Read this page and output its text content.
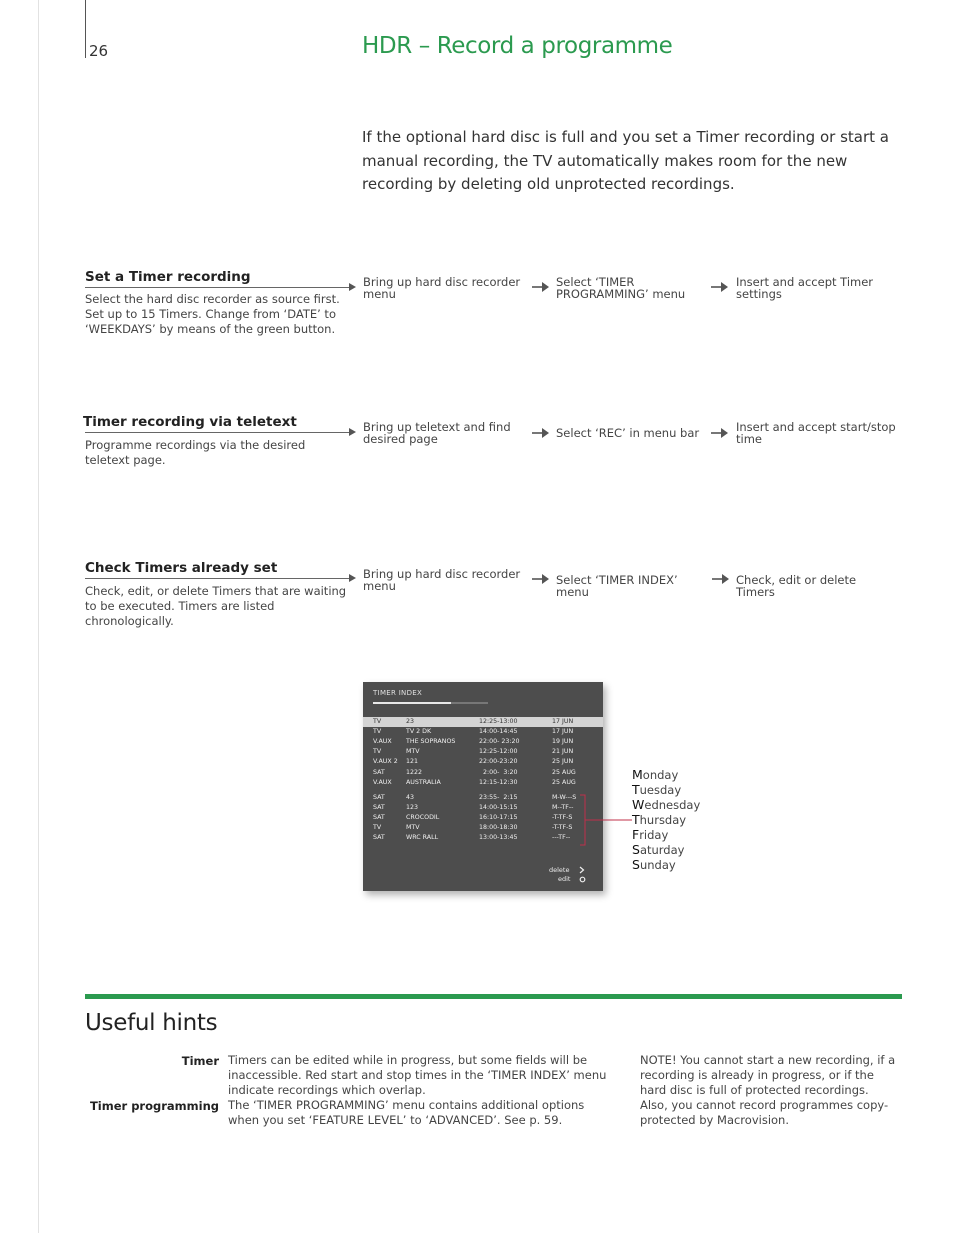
26	HDR – Record a programme
If the optional hard disc is full and you set a Timer recording or start a manual recording, the TV automatically makes room for the new recording by deleting old unprotected recordings.
Set a Timer recording
Select the hard disc recorder as source first. Set up to 15 Timers. Change from ‘DATE’ to ‘WEEKDAYS’ by means of the green button.
Bring up hard disc recorder menu
Select ‘TIMER PROGRAMMING’ menu
Insert and accept Timer settings
Timer recording via teletext
Programme recordings via the desired teletext page.
Bring up teletext and find desired page	Select ‘REC’ in menu bar	Insert and accept start/stop time
Check Timers already set
Check, edit, or delete Timers that are waiting to be executed. Timers are listed chronologically.
Bring up hard disc recorder menu	Select ‘TIMER INDEX’ menu
Check, edit or delete Timers
TIMER INDEX
TV	23	12:25-13:00	17 JUN
TV	TV 2 DK	14:00-14:45	17 JUN
V.AUX THE SOPRANOS	22:00- 23:20	19 JUN
TV	MTV	12:25-12:00	21 JUN
V.AUX 2 121	22:00-23:20	25 JUN
SAT	1222	2:00-  3:20	25 AUG
V.AUX AUSTRALIA	12:15-12:30	25 AUG
SAT	43	23:55-  2:15	M-W---S
SAT	123	14:00-15:15	M--TF--
SAT	CROCODIL	16:10-17:15	-T-TF-S
TV	MTV	18:00-18:30	-T-TF-S
SAT	WRC RALL	13:00-13:45	---TF--
delete
edit
Monday
Tuesday
Wednesday
Thursday
Friday
Saturday
Sunday
Useful hints
Timer Timers can be edited while in progress, but some fields will be inaccessible. Red start and stop times in the ‘TIMER INDEX’ menu indicate recordings which overlap.
Timer programming The ‘TIMER PROGRAMMING’ menu contains additional options when you set ‘FEATURE LEVEL’ to ‘ADVANCED’. See p. 59.
NOTE! You cannot start a new recording, if a recording is already in progress, or if the hard disc is full of protected recordings. Also, you cannot record programmes copy-protected by Macrovision.
